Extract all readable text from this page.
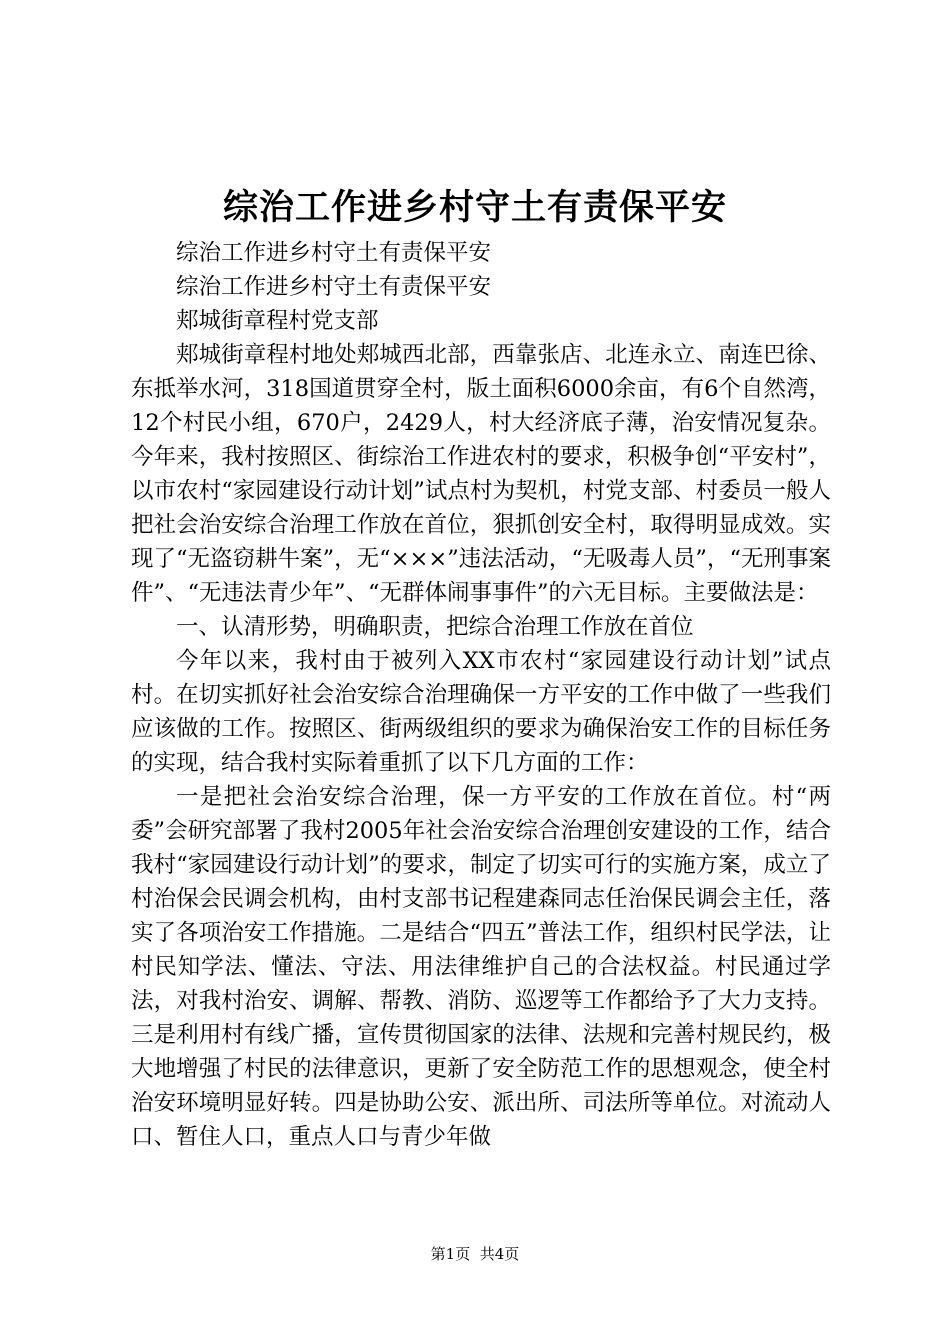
综治工作进乡村守土有责保平安

综治工作进乡村守土有责保平安

综治工作进乡村守土有责保平安

郏城街章程村党支部

郏城街章程村地处郏城西北部，西靠张店、北连永立、南连巴徐、东抵举水河，318国道贯穿全村，版土面积6000余亩，有6个自然湾，12个村民小组，670户，2429人，村大经济底子薄，治安情况复杂。今年来，我村按照区、街综治工作进农村的要求，积极争创“平安村”，以市农村“家园建设行动计划”试点村为契机，村党支部、村委员一般人把社会治安综合治理工作放在首位，狠抓创安全村，取得明显成效。实现了“无盗窃耕牛案”，无“×××”违法活动，“无吸毒人员”，“无刑事案件”、“无违法青少年”、“无群体闹事事件”的六无目标。主要做法是：

一、认清形势，明确职责，把综合治理工作放在首位

今年以来，我村由于被列入XX市农村“家园建设行动计划”试点村。在切实抓好社会治安综合治理确保一方平安的工作中做了一些我们应该做的工作。按照区、街两级组织的要求为确保治安工作的目标任务的实现，结合我村实际着重抓了以下几方面的工作：

一是把社会治安综合治理，保一方平安的工作放在首位。村“两委”会研究部署了我村2005年社会治安综合治理创安建设的工作，结合我村“家园建设行动计划”的要求，制定了切实可行的实施方案，成立了村治保会民调会机构，由村支部书记程建森同志任治保民调会主任，落实了各项治安工作措施。二是结合“四五”普法工作，组织村民学法，让村民知学法、懂法、守法、用法律维护自己的合法权益。村民通过学法，对我村治安、调解、帮教、消防、巡逻等工作都给予了大力支持。三是利用村有线广播，宣传贯彻国家的法律、法规和完善村规民约，极大地增强了村民的法律意识，更新了安全防范工作的思想观念，使全村治安环境明显好转。四是协助公安、派出所、司法所等单位。对流动人口、暂住人口，重点人口与青少年做

第1页 共4页
